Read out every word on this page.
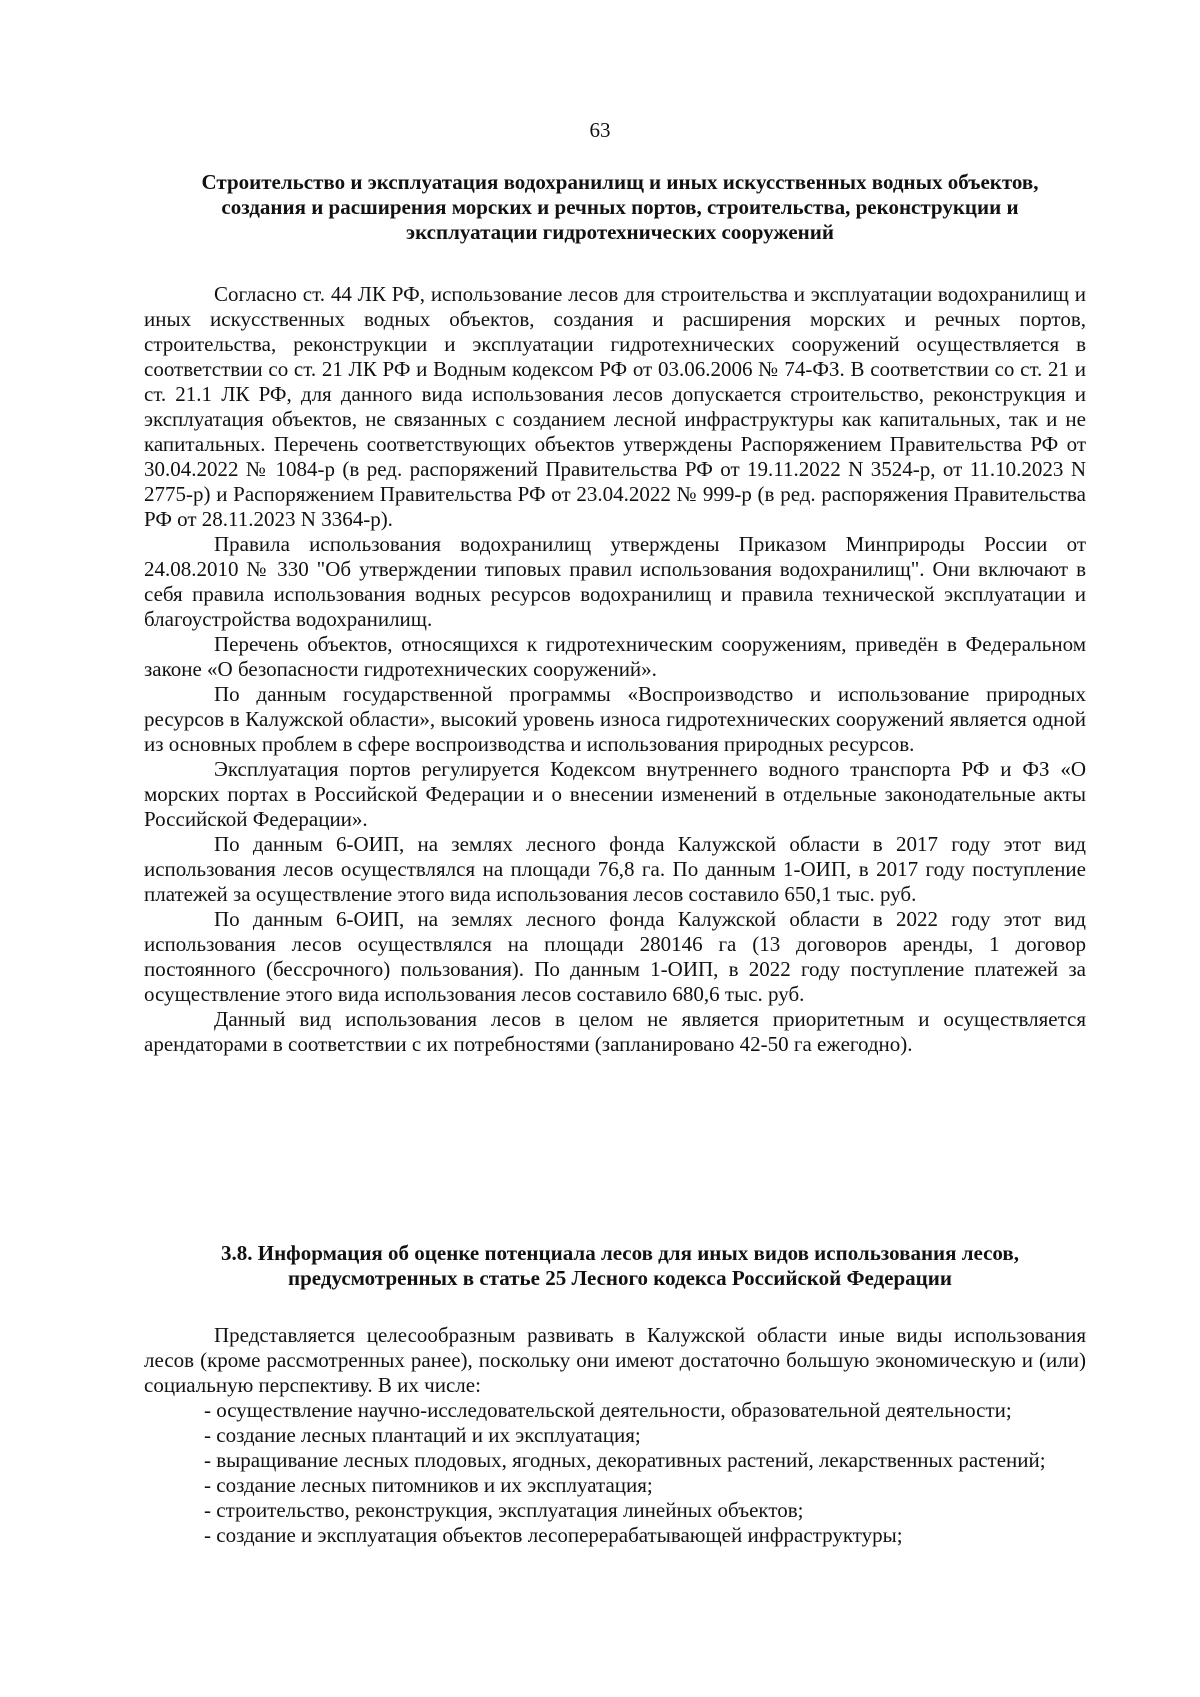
63
Строительство и эксплуатация водохранилищ и иных искусственных водных объектов,
создания и расширения морских и речных портов, строительства, реконструкции и
эксплуатации гидротехнических сооружений

Согласно ст. 44 ЛК РФ, использование лесов для строительства и эксплуатации водохранилищ и иных искусственных водных объектов, создания и расширения морских и речных портов, строительства, реконструкции и эксплуатации гидротехнических сооружений осуществляется в соответствии со ст. 21 ЛК РФ и Водным кодексом РФ от 03.06.2006 № 74-ФЗ. В соответствии со ст. 21 и ст. 21.1 ЛК РФ, для данного вида использования лесов допускается строительство, реконструкция и эксплуатация объектов, не связанных с созданием лесной инфраструктуры как капитальных, так и не капитальных. Перечень соответствующих объектов утверждены Распоряжением Правительства РФ от 30.04.2022 № 1084-р (в ред. распоряжений Правительства РФ от 19.11.2022 N 3524-р, от 11.10.2023 N 2775-р) и Распоряжением Правительства РФ от 23.04.2022 № 999-р (в ред. распоряжения Правительства РФ от 28.11.2023 N 3364-р).

Правила использования водохранилищ утверждены Приказом Минприроды России от 24.08.2010 № 330 "Об утверждении типовых правил использования водохранилищ". Они включают в себя правила использования водных ресурсов водохранилищ и правила технической эксплуатации и благоустройства водохранилищ.

Перечень объектов, относящихся к гидротехническим сооружениям, приведён в Федеральном законе «О безопасности гидротехнических сооружений».

По данным государственной программы «Воспроизводство и использование природных ресурсов в Калужской области», высокий уровень износа гидротехнических сооружений является одной из основных проблем в сфере воспроизводства и использования природных ресурсов.

Эксплуатация портов регулируется Кодексом внутреннего водного транспорта РФ и ФЗ «О морских портах в Российской Федерации и о внесении изменений в отдельные законодательные акты Российской Федерации».

По данным 6-ОИП, на землях лесного фонда Калужской области в 2017 году этот вид использования лесов осуществлялся на площади 76,8 га. По данным 1-ОИП, в 2017 году поступление платежей за осуществление этого вида использования лесов составило 650,1 тыс. руб.

По данным 6-ОИП, на землях лесного фонда Калужской области в 2022 году этот вид использования лесов осуществлялся на площади 280146 га (13 договоров аренды, 1 договор постоянного (бессрочного) пользования). По данным 1-ОИП, в 2022 году поступление платежей за осуществление этого вида использования лесов составило 680,6 тыс. руб.

Данный вид использования лесов в целом не является приоритетным и осуществляется арендаторами в соответствии с их потребностями (запланировано 42-50 га ежегодно).

3.8. Информация об оценке потенциала лесов для иных видов использования лесов,
предусмотренных в статье 25 Лесного кодекса Российской Федерации

Представляется целесообразным развивать в Калужской области иные виды использования лесов (кроме рассмотренных ранее), поскольку они имеют достаточно большую экономическую и (или) социальную перспективу. В их числе:

- осуществление научно-исследовательской деятельности, образовательной деятельности;

- создание лесных плантаций и их эксплуатация;

- выращивание лесных плодовых, ягодных, декоративных растений, лекарственных растений;

- создание лесных питомников и их эксплуатация;

- строительство, реконструкция, эксплуатация линейных объектов;

- создание и эксплуатация объектов лесоперерабатывающей инфраструктуры;
